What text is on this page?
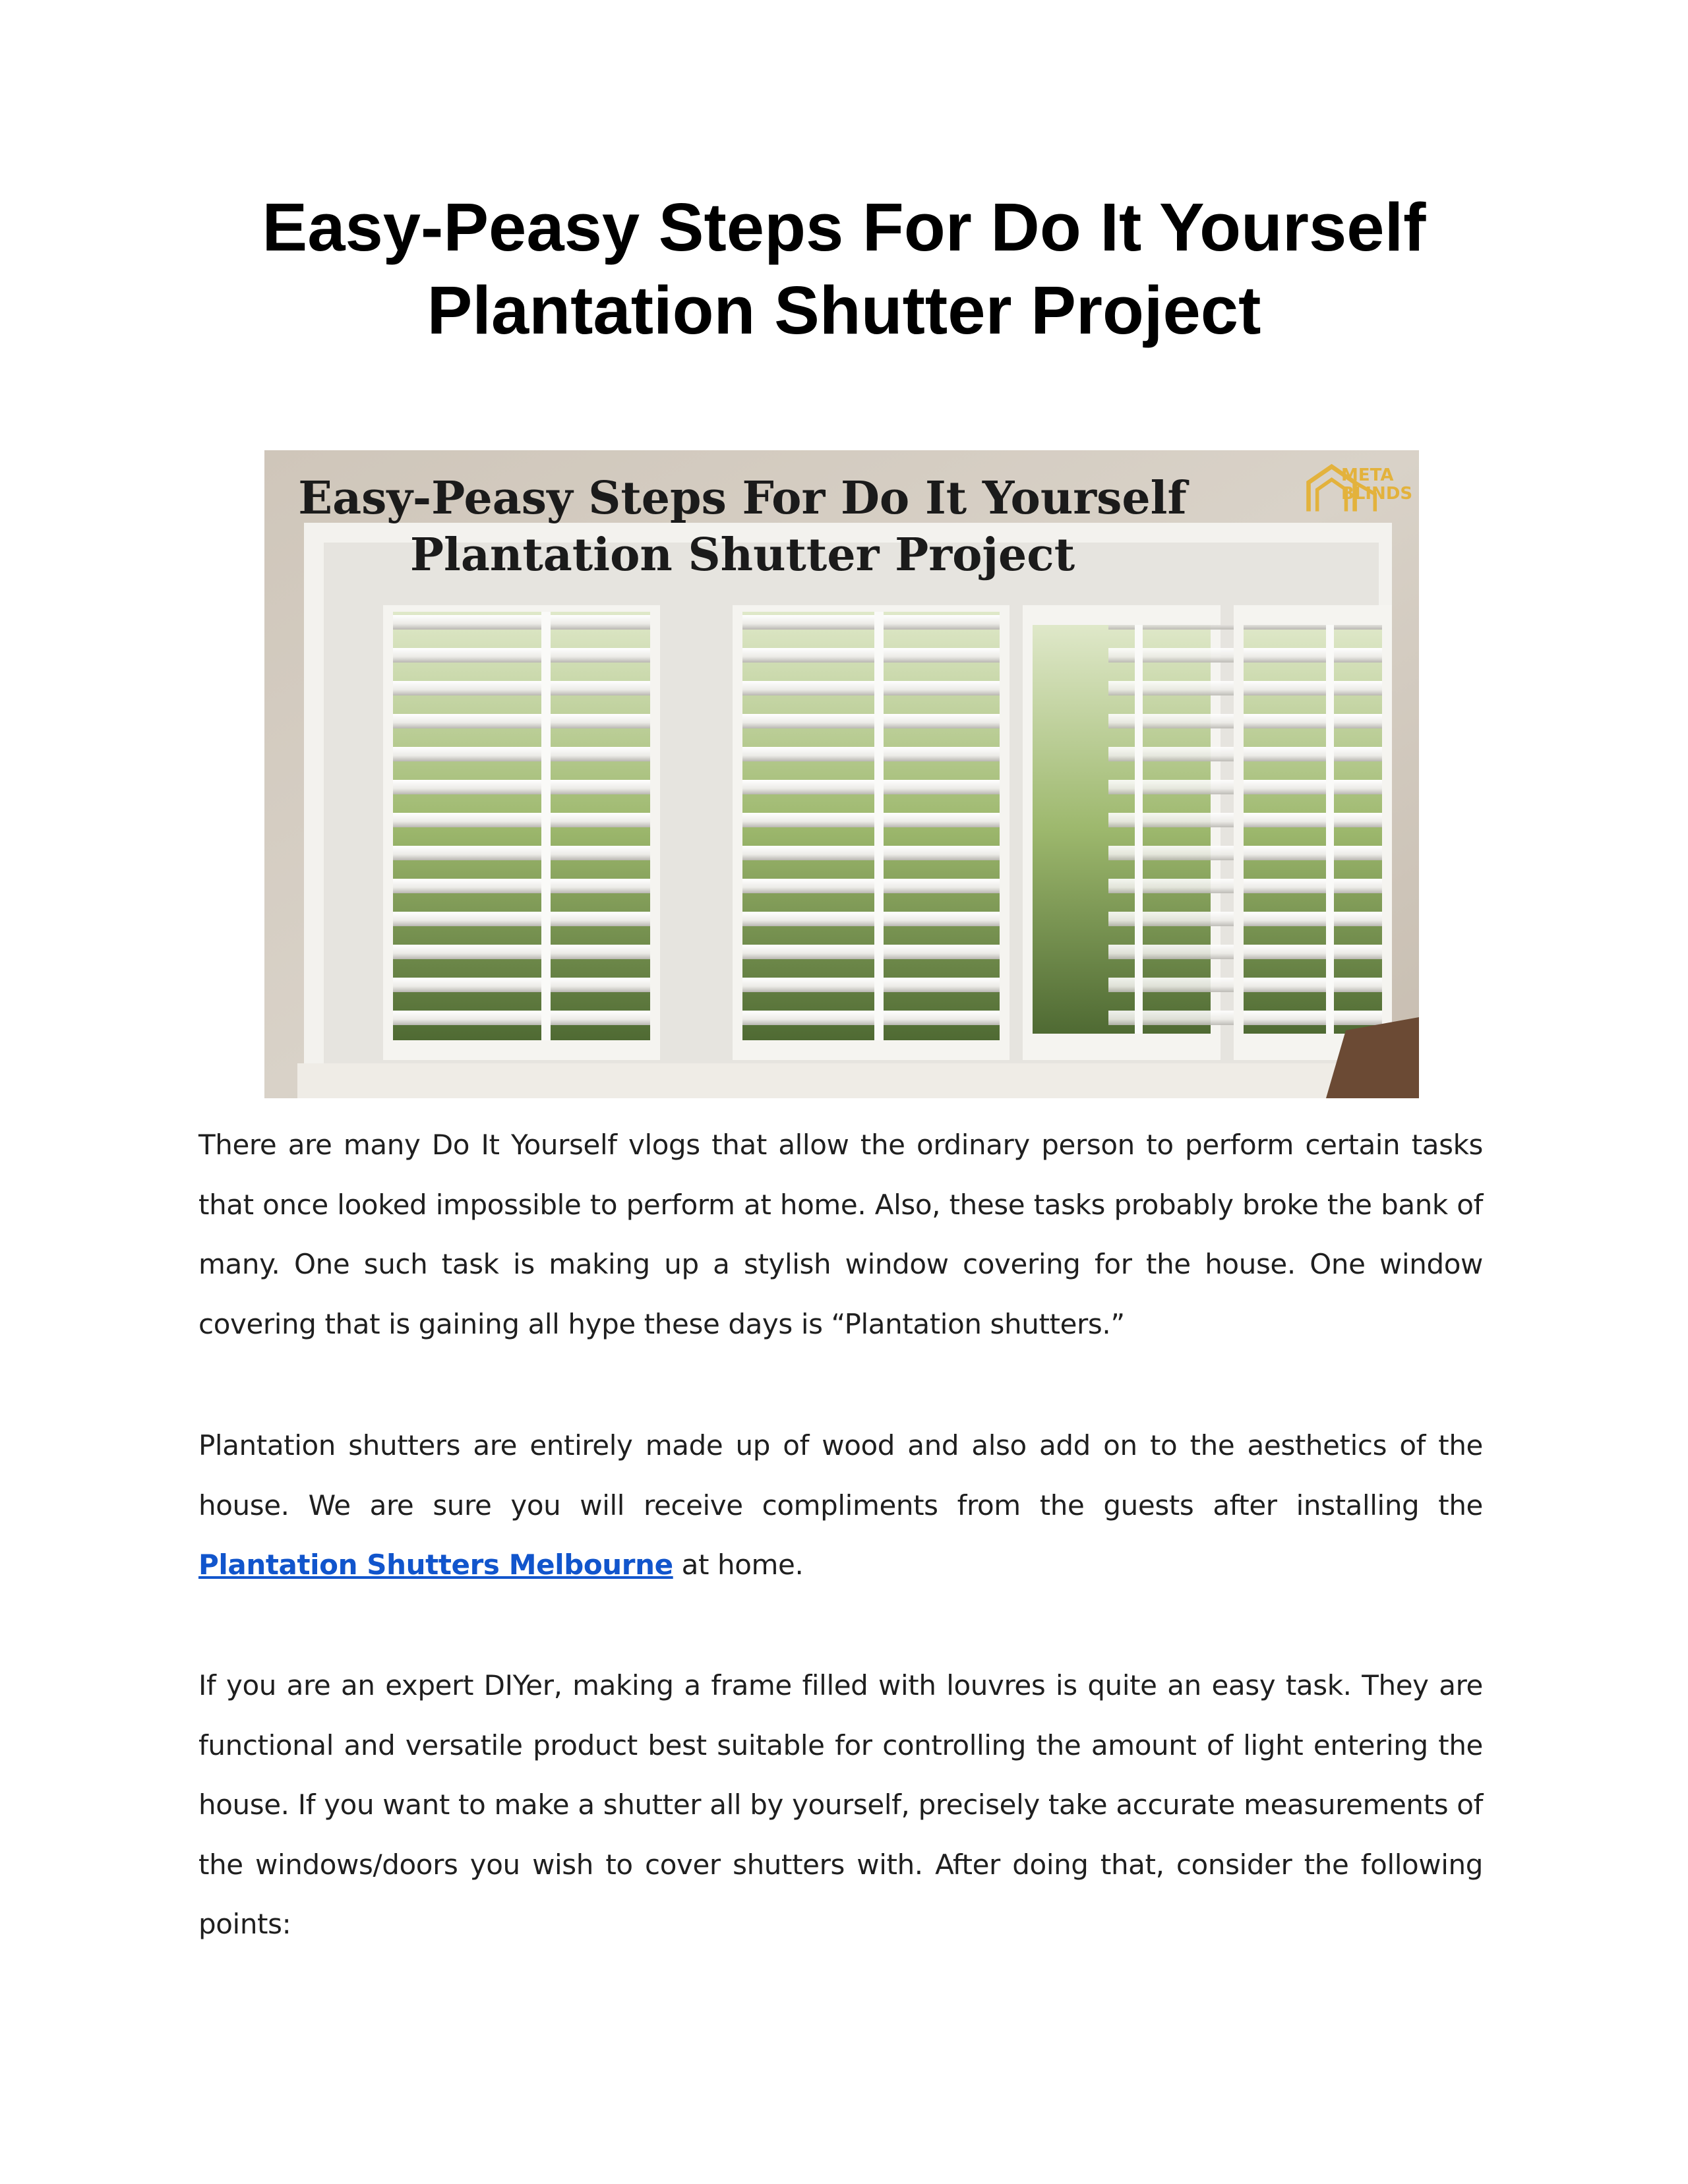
Easy-Peasy Steps For Do It Yourself
Plantation Shutter Project
Easy-Peasy Steps For Do It Yourself
Plantation Shutter Project
META
BLINDS
There are many Do It Yourself vlogs that allow the ordinary person to perform certain tasks that once looked impossible to perform at home. Also, these tasks probably broke the bank of many. One such task is making up a stylish window covering for the house. One window covering that is gaining all hype these days is “Plantation shutters.”
Plantation shutters are entirely made up of wood and also add on to the aesthetics of the house. We are sure you will receive compliments from the guests after installing the Plantation Shutters Melbourne at home.
If you are an expert DIYer, making a frame filled with louvres is quite an easy task. They are functional and versatile product best suitable for controlling the amount of light entering the house. If you want to make a shutter all by yourself, precisely take accurate measurements of the windows/doors you wish to cover shutters with. After doing that, consider the following points:
